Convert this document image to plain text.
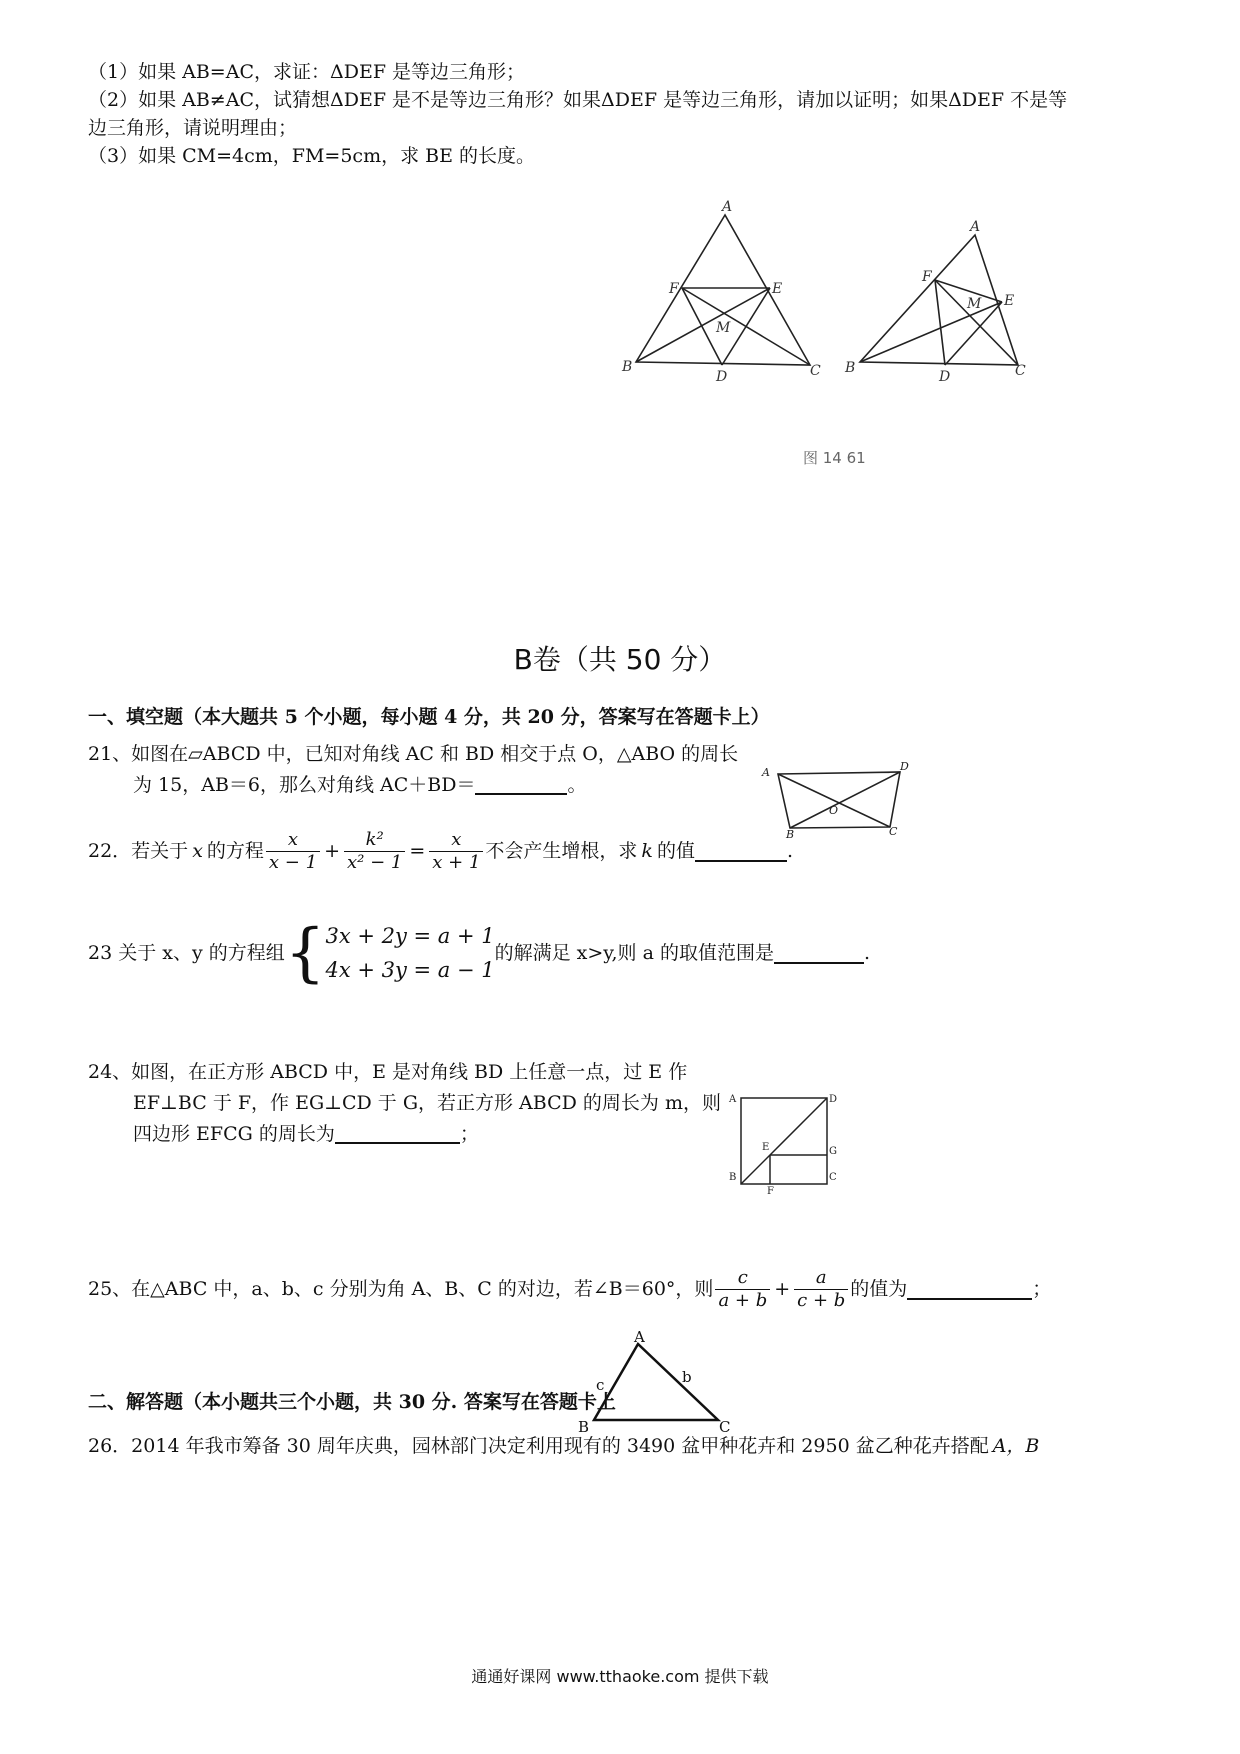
（1）如果 AB=AC，求证：ΔDEF 是等边三角形；
（2）如果 AB≠AC，试猜想ΔDEF 是不是等边三角形？如果ΔDEF 是等边三角形，请加以证明；如果ΔDEF 不是等
边三角形，请说明理由；
（3）如果 CM=4cm，FM=5cm，求 BE 的长度。
A
B	C
D
E
F
M
A
B	C
D
E
F
M
图 14 61
B卷（共 50 分）
一、填空题（本大题共 5 个小题，每小题 4 分，共 20 分，答案写在答题卡上）
21、如图在▱ABCD 中，已知对角线 AC 和 BD 相交于点 O，△ABO 的周长
为 15，AB＝6，那么对角线 AC＋BD＝	。
A	D
B	C
O
22．若关于 x 的方程 $\frac{x}{x - 1} + \frac{\text{k²}}{\text{x² − 1}} = \frac{x}{x + 1}$ 不会产生增根，求 k 的值	.
23 关于 x、y 的方程组 { 3x + 2y = a + 1
4x + 3y = a − 1
的解满足 x>y,则 a 的取值范围是	.
24、如图，在正方形 ABCD 中，E 是对角线 BD 上任意一点，过 E 作
EF⊥BC 于 F，作 EG⊥CD 于 G，若正方形 ABCD 的周长为 m，则
四边形 EFCG 的周长为	；
A	D
B	C
E
F
G
25、在△ABC 中，a、b、c 分别为角 A、B、C 的对边，若∠B＝60°，则 $\frac{c}{a + b} + \frac{a}{c + b}$ 的值为	；
二、解答题（本小题共三个小题，共 30 分. 答案写在答题卡上
A
B	C
b
c
26．2014 年我市筹备 30 周年庆典，园林部门决定利用现有的 3490 盆甲种花卉和 2950 盆乙种花卉搭配 A，B
通通好课网 www.tthaoke.com 提供下载
